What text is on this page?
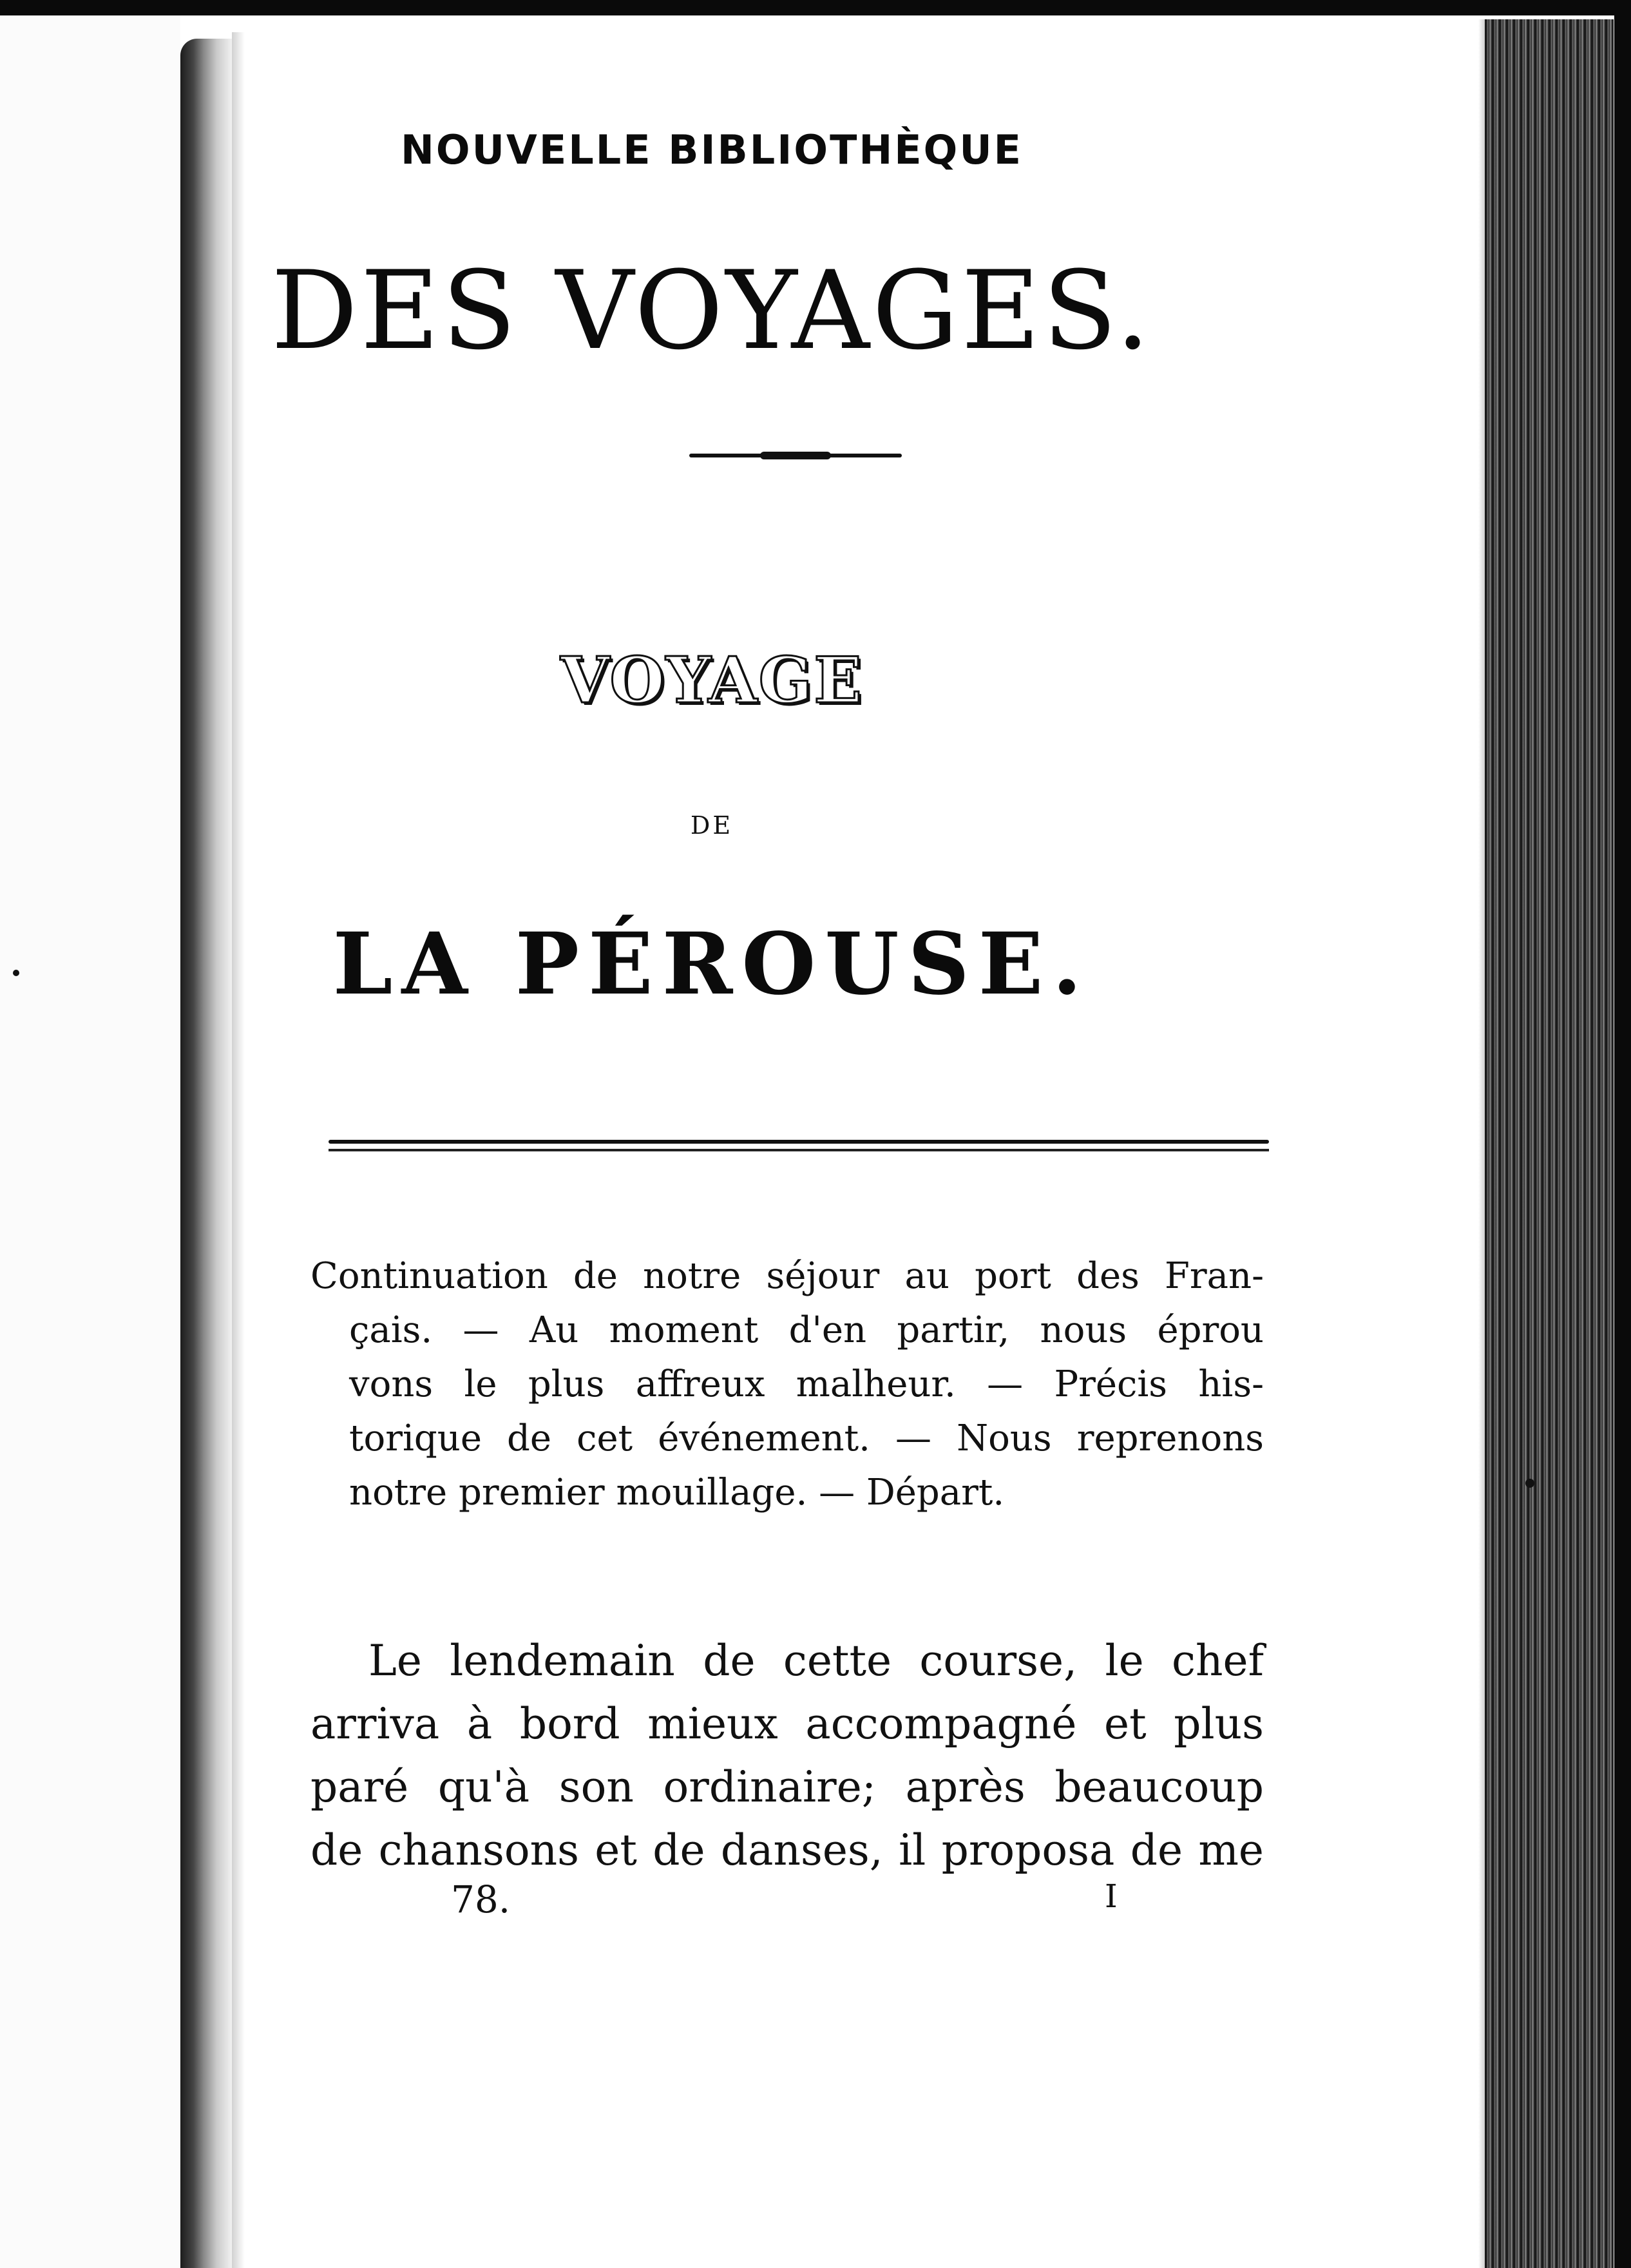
NOUVELLE BIBLIOTHÈQUE
DES VOYAGES.
VOYAGE
DE
LA PÉROUSE.
Continuation de notre séjour au port des Fran-
çais. — Au moment d'en partir, nous éprou
vons le plus affreux malheur. — Précis his-
torique de cet événement. — Nous reprenons
notre premier mouillage. — Départ.
Le lendemain de cette course, le chef
arriva à bord mieux accompagné et plus
paré qu'à son ordinaire; après beaucoup
de chansons et de danses, il proposa de me
78.	I
